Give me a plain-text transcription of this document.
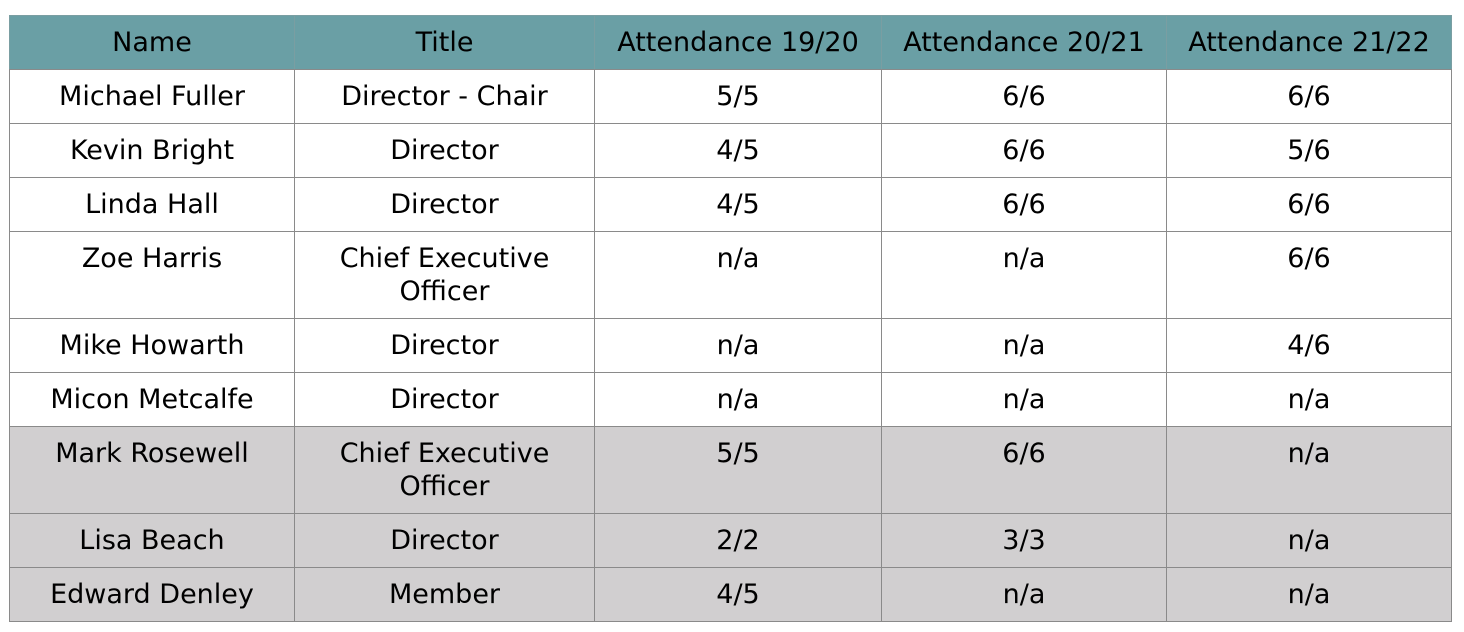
Name	Title	Attendance 19/20	Attendance 20/21	Attendance 21/22
Michael Fuller	Director - Chair	5/5	6/6	6/6
Kevin Bright	Director	4/5	6/6	5/6
Linda Hall	Director	4/5	6/6	6/6
Zoe Harris	Chief Executive Officer	n/a	n/a	6/6
Mike Howarth	Director	n/a	n/a	4/6
Micon Metcalfe	Director	n/a	n/a	n/a
Mark Rosewell	Chief Executive Officer	5/5	6/6	n/a
Lisa Beach	Director	2/2	3/3	n/a
Edward Denley	Member	4/5	n/a	n/a
